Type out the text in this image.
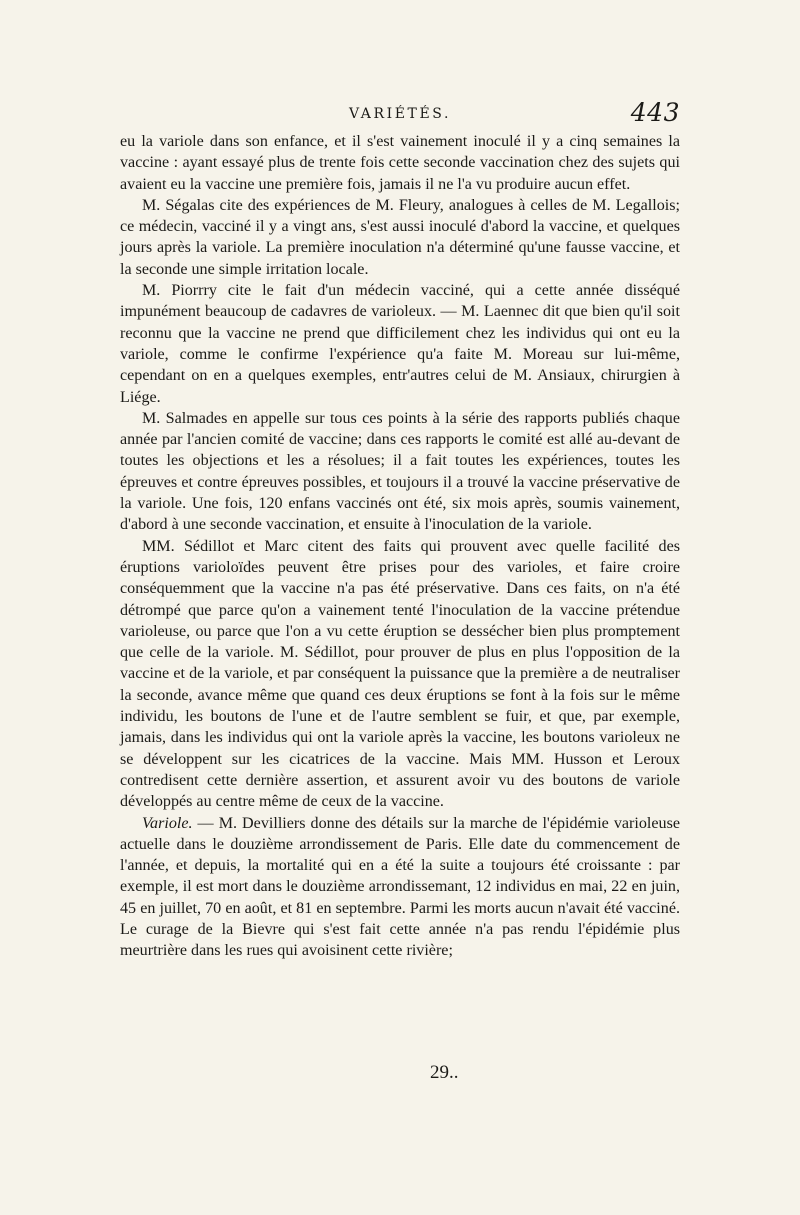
VARIÉTÉS.	443

eu la variole dans son enfance, et il s'est vainement inoculé il y a cinq semaines la vaccine : ayant essayé plus de trente fois cette seconde vaccination chez des sujets qui avaient eu la vaccine une première fois, jamais il ne l'a vu produire aucun effet.

M. Ségalas cite des expériences de M. Fleury, analogues à celles de M. Legallois; ce médecin, vacciné il y a vingt ans, s'est aussi inoculé d'abord la vaccine, et quelques jours après la variole. La première inoculation n'a déterminé qu'une fausse vaccine, et la seconde une simple irritation locale.

M. Piorrry cite le fait d'un médecin vacciné, qui a cette année disséqué impunément beaucoup de cadavres de varioleux. — M. Laennec dit que bien qu'il soit reconnu que la vaccine ne prend que difficilement chez les individus qui ont eu la variole, comme le confirme l'expérience qu'a faite M. Moreau sur lui-même, cependant on en a quelques exemples, entr'autres celui de M. Ansiaux, chirurgien à Liége.

M. Salmades en appelle sur tous ces points à la série des rapports publiés chaque année par l'ancien comité de vaccine; dans ces rapports le comité est allé au-devant de toutes les objections et les a résolues; il a fait toutes les expériences, toutes les épreuves et contre épreuves possibles, et toujours il a trouvé la vaccine préservative de la variole. Une fois, 120 enfans vaccinés ont été, six mois après, soumis vainement, d'abord à une seconde vaccination, et ensuite à l'inoculation de la variole.

MM. Sédillot et Marc citent des faits qui prouvent avec quelle facilité des éruptions varioloïdes peuvent être prises pour des varioles, et faire croire conséquemment que la vaccine n'a pas été préservative. Dans ces faits, on n'a été détrompé que parce qu'on a vainement tenté l'inoculation de la vaccine prétendue varioleuse, ou parce que l'on a vu cette éruption se dessécher bien plus promptement que celle de la variole. M. Sédillot, pour prouver de plus en plus l'opposition de la vaccine et de la variole, et par conséquent la puissance que la première a de neutraliser la seconde, avance même que quand ces deux éruptions se font à la fois sur le même individu, les boutons de l'une et de l'autre semblent se fuir, et que, par exemple, jamais, dans les individus qui ont la variole après la vaccine, les boutons varioleux ne se développent sur les cicatrices de la vaccine. Mais MM. Husson et Leroux contredisent cette dernière assertion, et assurent avoir vu des boutons de variole développés au centre même de ceux de la vaccine.

Variole. — M. Devilliers donne des détails sur la marche de l'épidémie varioleuse actuelle dans le douzième arrondissement de Paris. Elle date du commencement de l'année, et depuis, la mortalité qui en a été la suite a toujours été croissante : par exemple, il est mort dans le douzième arrondissemant, 12 individus en mai, 22 en juin, 45 en juillet, 70 en août, et 81 en septembre. Parmi les morts aucun n'avait été vacciné. Le curage de la Bievre qui s'est fait cette année n'a pas rendu l'épidémie plus meurtrière dans les rues qui avoisinent cette rivière;

29..
